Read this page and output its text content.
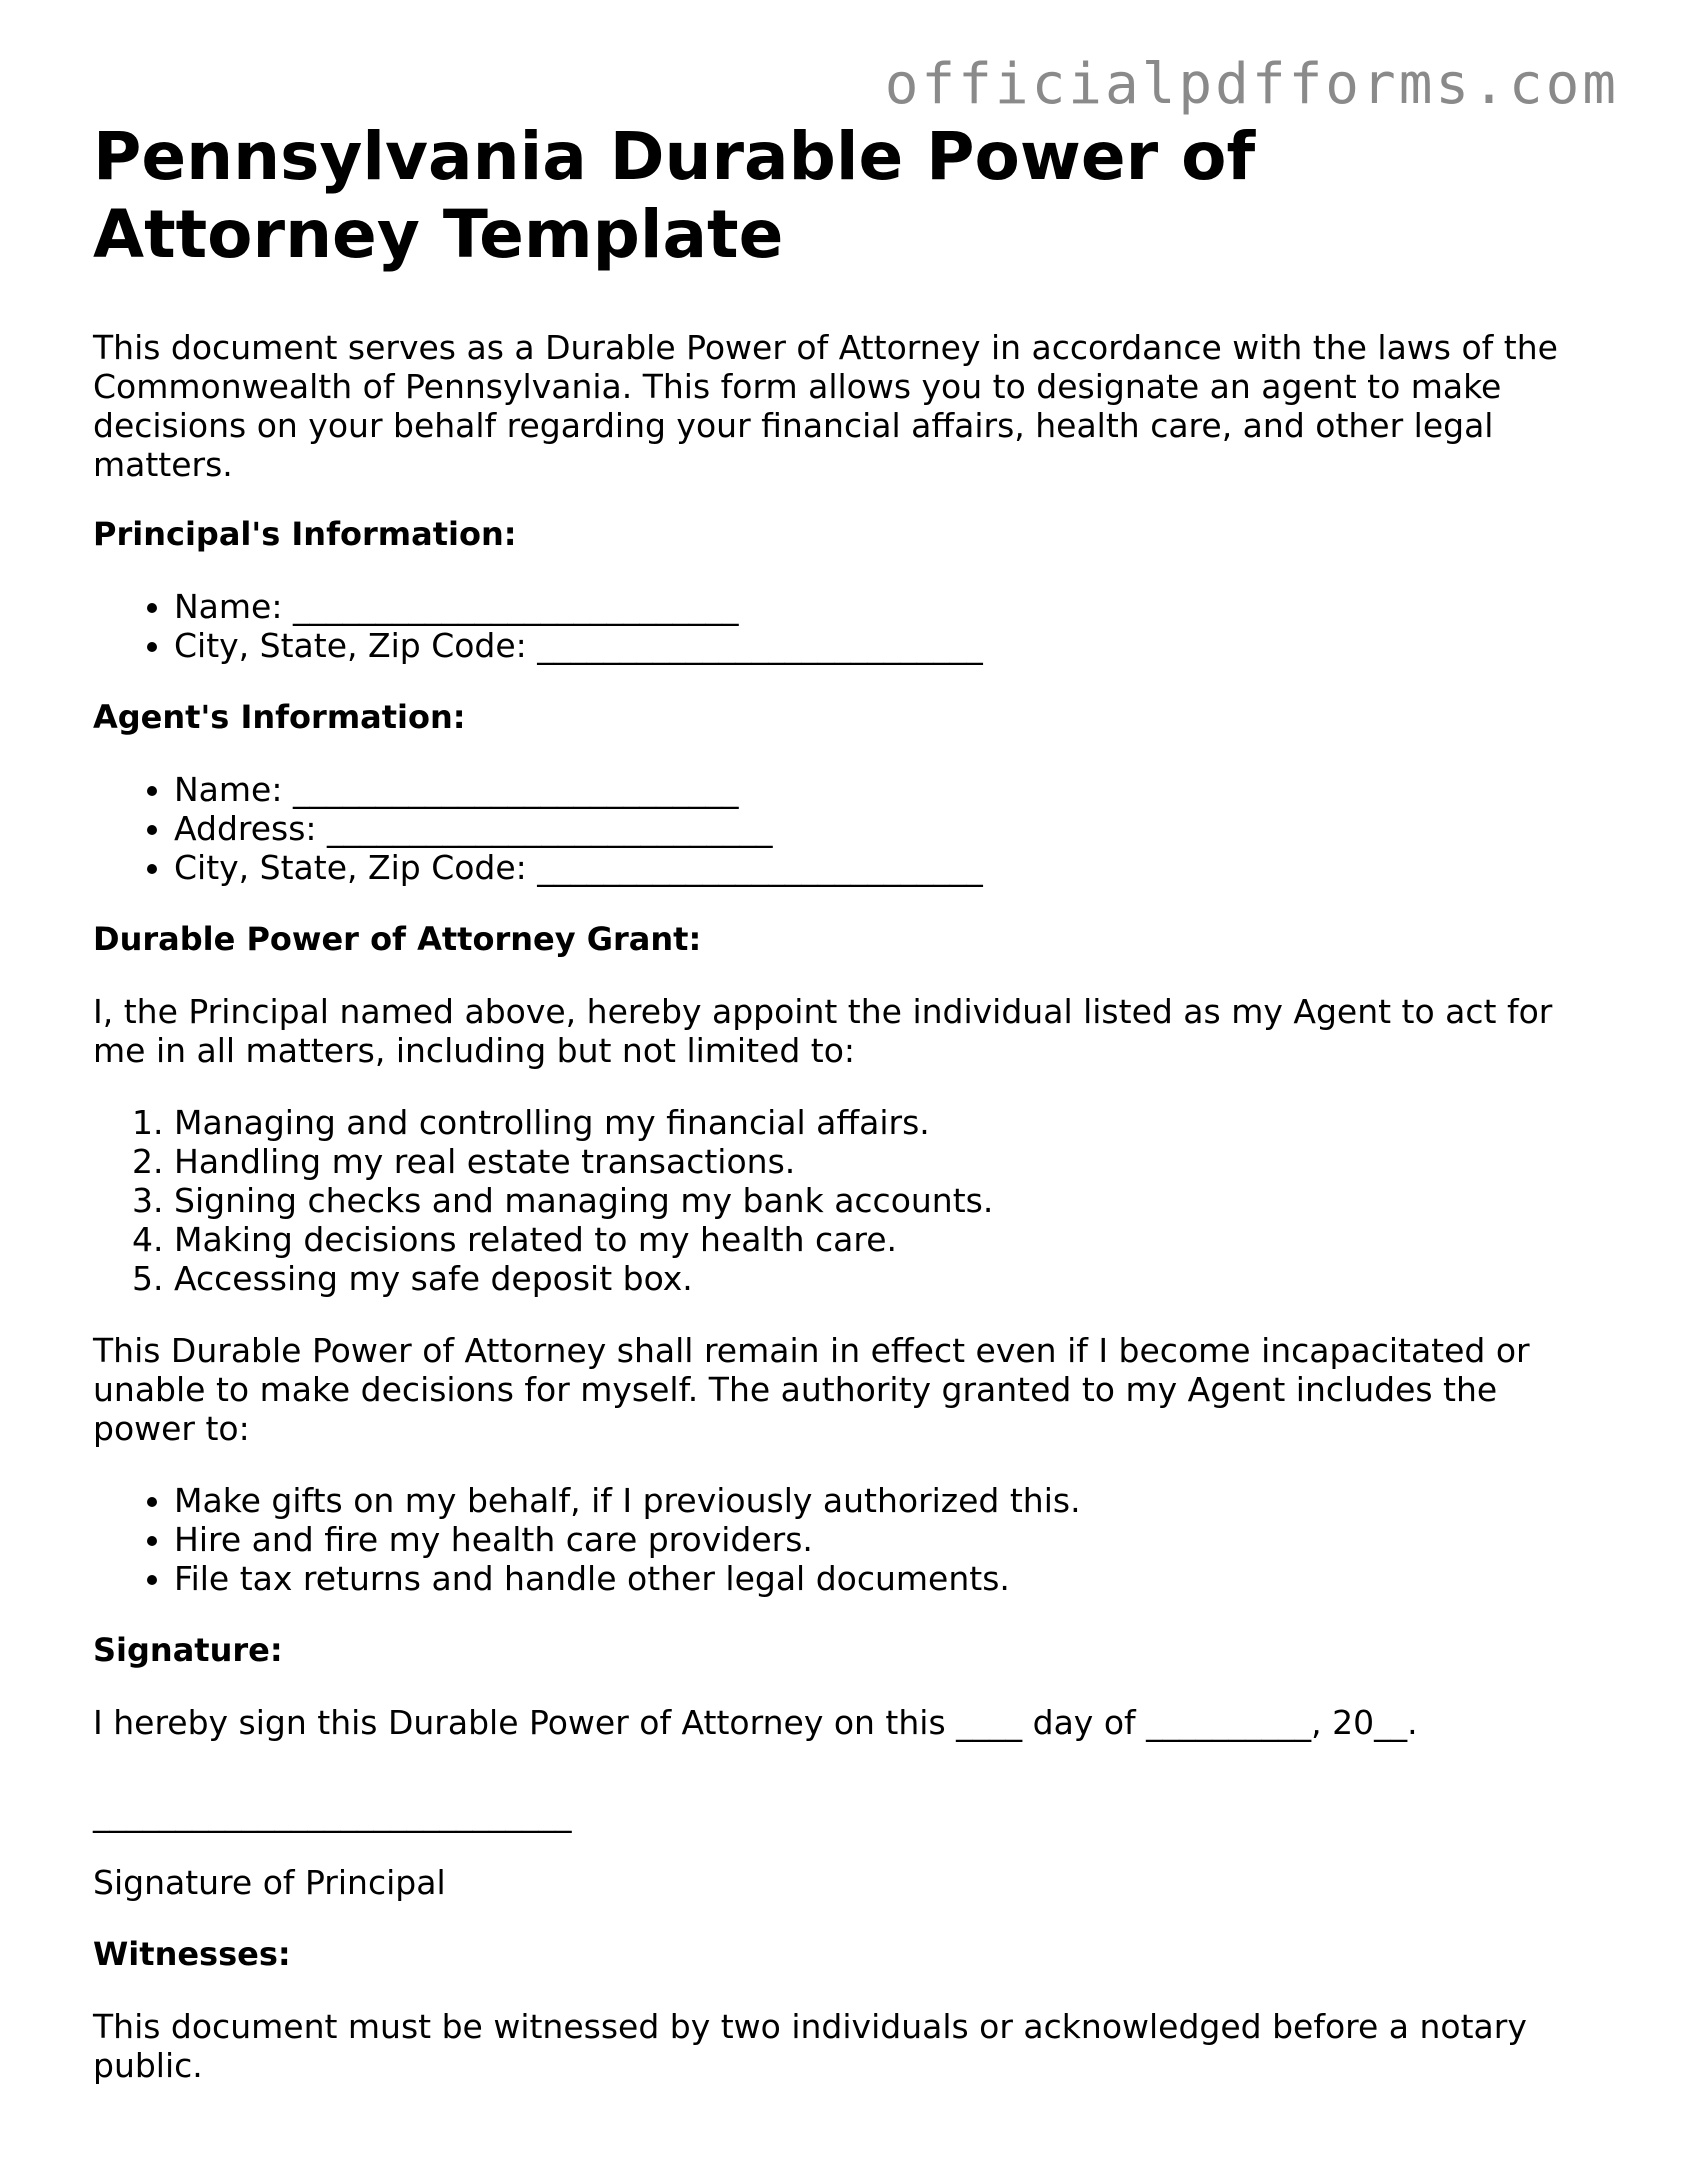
officialpdfforms.com
Pennsylvania Durable Power of Attorney Template

This document serves as a Durable Power of Attorney in accordance with the laws of the Commonwealth of Pennsylvania. This form allows you to designate an agent to make decisions on your behalf regarding your financial affairs, health care, and other legal matters.

Principal's Information:
• Name: ___________________________
• City, State, Zip Code: ___________________________
Agent's Information:
• Name: ___________________________
• Address: ___________________________
• City, State, Zip Code: ___________________________
Durable Power of Attorney Grant:

I, the Principal named above, hereby appoint the individual listed as my Agent to act for me in all matters, including but not limited to:

1. Managing and controlling my financial affairs.
2. Handling my real estate transactions.
3. Signing checks and managing my bank accounts.
4. Making decisions related to my health care.
5. Accessing my safe deposit box.

This Durable Power of Attorney shall remain in effect even if I become incapacitated or unable to make decisions for myself. The authority granted to my Agent includes the power to:

• Make gifts on my behalf, if I previously authorized this.
• Hire and fire my health care providers.
• File tax returns and handle other legal documents.
Signature:

I hereby sign this Durable Power of Attorney on this ____ day of __________, 20__.

_____________________________

Signature of Principal

Witnesses:

This document must be witnessed by two individuals or acknowledged before a notary public.
